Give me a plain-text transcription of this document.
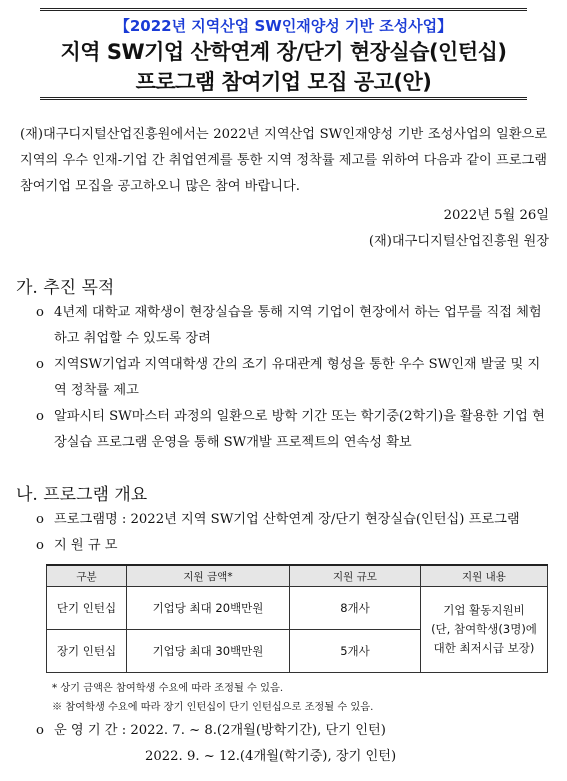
【2022년 지역산업 SW인재양성 기반 조성사업】
지역 SW기업 산학연계 장/단기 현장실습(인턴십)
프로그램 참여기업 모집 공고(안)
(재)대구디지털산업진흥원에서는 2022년 지역산업 SW인재양성 기반 조성사업의 일환으로 지역의 우수 인재-기업 간 취업연계를 통한 지역 정착률 제고를 위하여 다음과 같이 프로그램 참여기업 모집을 공고하오니 많은 참여 바랍니다.
2022년 5월 26일
(재)대구디지털산업진흥원 원장
가. 추진 목적
o 4년제 대학교 재학생이 현장실습을 통해 지역 기업이 현장에서 하는 업무를 직접 체험하고 취업할 수 있도록 장려
o 지역SW기업과 지역대학생 간의 조기 유대관계 형성을 통한 우수 SW인재 발굴 및 지역 정착률 제고
o 알파시티 SW마스터 과정의 일환으로 방학 기간 또는 학기중(2학기)을 활용한 기업 현장실습 프로그램 운영을 통해 SW개발 프로젝트의 연속성 확보
나. 프로그램 개요
o 프로그램명 : 2022년 지역 SW기업 산학연계 장/단기 현장실습(인턴십) 프로그램
o 지 원 규 모
구분	지원 금액*	지원 규모	지원 내용
단기 인턴십	기업당 최대 20백만원	8개사	기업 활동지원비
(단, 참여학생(3명)에
대한 최저시급 보장)

장기 인턴십	기업당 최대 30백만원	5개사	
* 상기 금액은 참여학생 수요에 따라 조정될 수 있음.
※ 참여학생 수요에 따라 장기 인턴십이 단기 인턴십으로 조정될 수 있음.
o 운 영 기 간 : 2022. 7. ~ 8.(2개월(방학기간), 단기 인턴)
2022. 9. ~ 12.(4개월(학기중), 장기 인턴)
